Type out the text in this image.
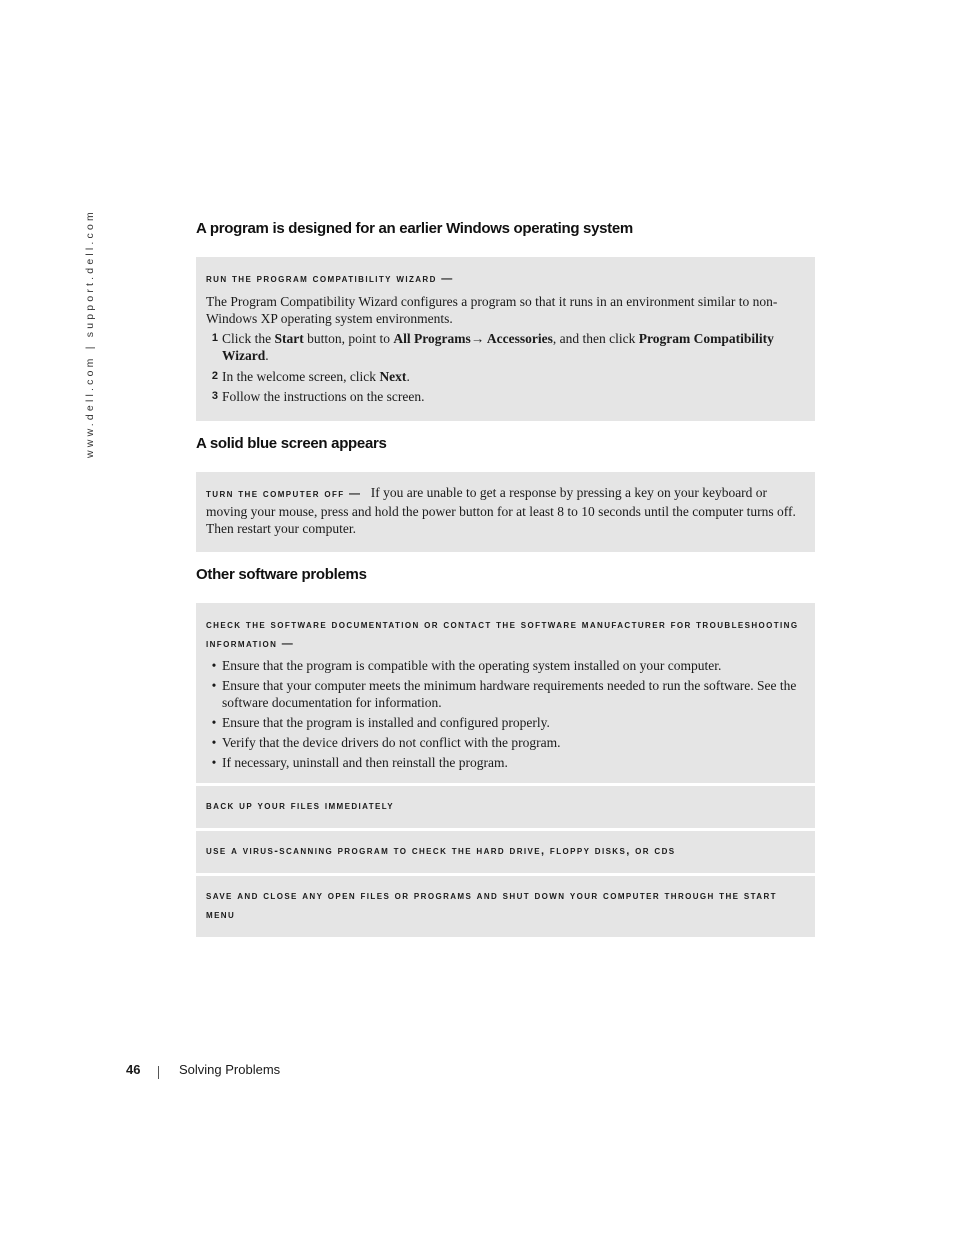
www.dell.com | support.dell.com	A program is designed for an earlier Windows operating system
run the program compatibility wizard —

The Program Compatibility Wizard configures a program so that it runs in an environment similar to non-Windows XP operating system environments.

1 Click the Start button, point to All Programs→ Accessories, and then click Program Compatibility Wizard.
2 In the welcome screen, click Next.
3 Follow the instructions on the screen.
A solid blue screen appears

turn the computer off — If you are unable to get a response by pressing a key on your keyboard or moving your mouse, press and hold the power button for at least 8 to 10 seconds until the computer turns off. Then restart your computer.

Other software problems
check the software documentation or contact the software manufacturer for troubleshooting information —
• Ensure that the program is compatible with the operating system installed on your computer.
• Ensure that your computer meets the minimum hardware requirements needed to run the software. See the software documentation for information.
• Ensure that the program is installed and configured properly.
• Verify that the device drivers do not conflict with the program.
• If necessary, uninstall and then reinstall the program.
back up your files immediately
use a virus-scanning program to check the hard drive, floppy disks, or cds
save and close any open files or programs and shut down your computer through the start menu
46	Solving Problems
